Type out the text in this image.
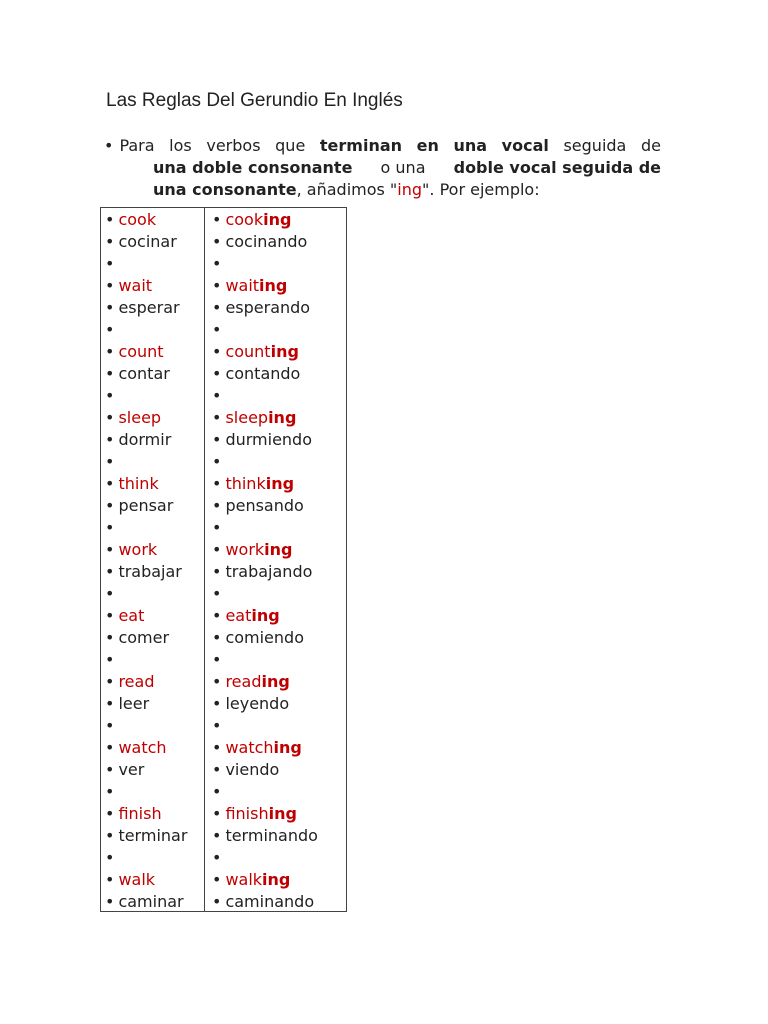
Las Reglas Del Gerundio En Inglés
• Para los verbos que terminan en una vocal seguida de
una doble consonante o una doble vocal seguida de
una consonante, añadimos "ing". Por ejemplo:
• cook
• cocinar
•
• wait
• esperar
•
• count
• contar
•
• sleep
• dormir
•
• think
• pensar
•
• work
• trabajar
•
• eat
• comer
•
• read
• leer
•
• watch
• ver
•
• finish
• terminar
•
• walk
• caminar
• cooking
• cocinando
•
• waiting
• esperando
•
• counting
• contando
•
• sleeping
• durmiendo
•
• thinking
• pensando
•
• working
• trabajando
•
• eating
• comiendo
•
• reading
• leyendo
•
• watching
• viendo
•
• finishing
• terminando
•
• walking
• caminando
